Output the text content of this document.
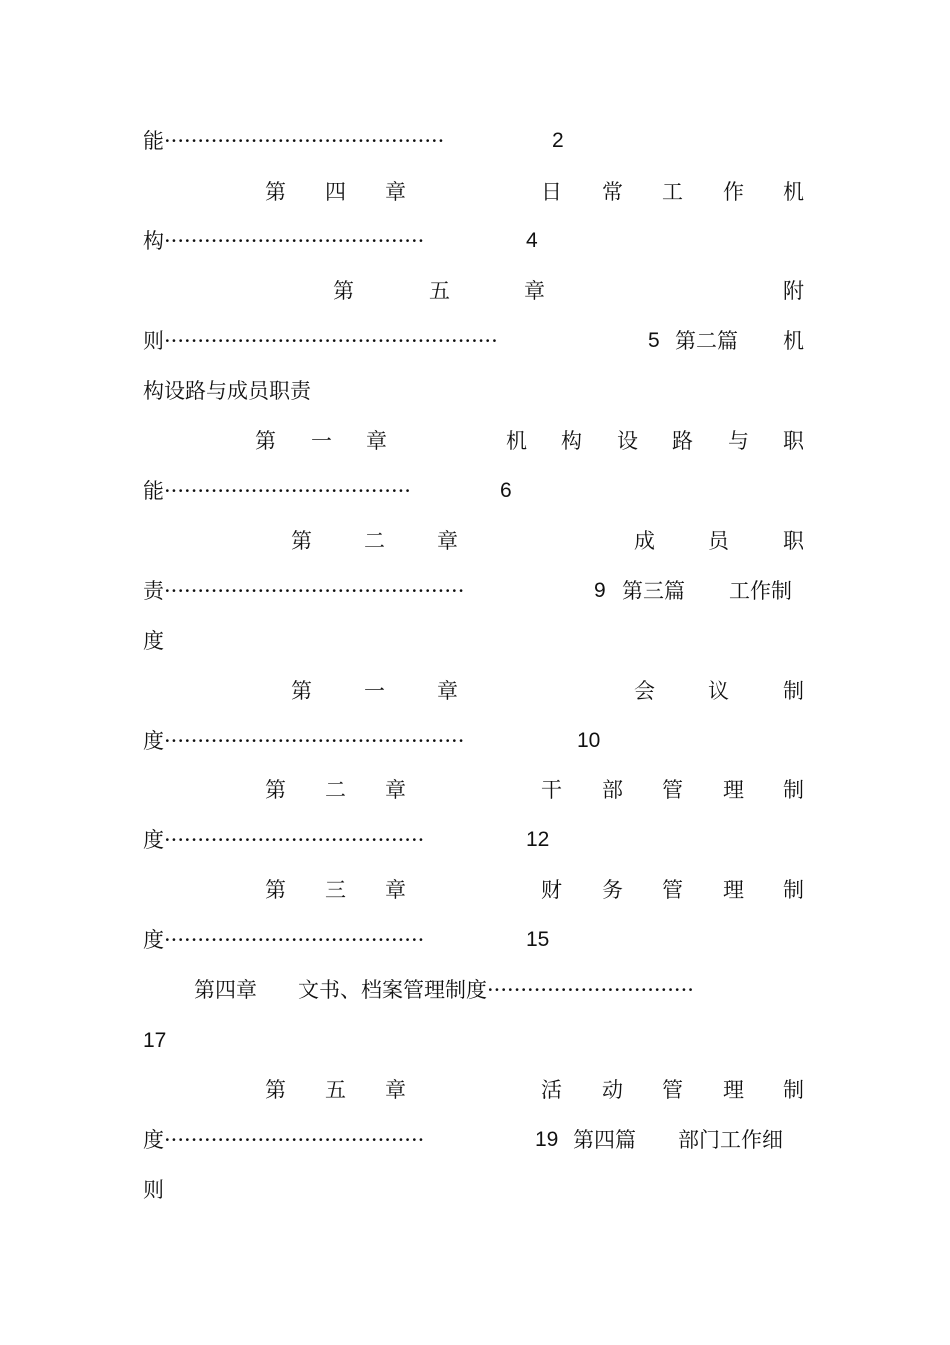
能··········································	2
第 四 章	日 常 工 作 机
构·······································	4
第	五	章	附
则··················································	5 第二篇 机
构设路与成员职责
第 一 章	机 构 设 路 与 职
能·····································	6
第 二 章	成	员	职
责·············································	9 第三篇 工作制
度
第 一 章	会	议	制
度·············································	10
第 二 章	干 部 管 理 制
度·······································	12
第 三 章	财 务 管 理 制
度·······································	15
第四章 文书、档案管理制度·······························
17
第 五 章	活 动 管 理 制
度·······································	19 第四篇 部门工作细
则
